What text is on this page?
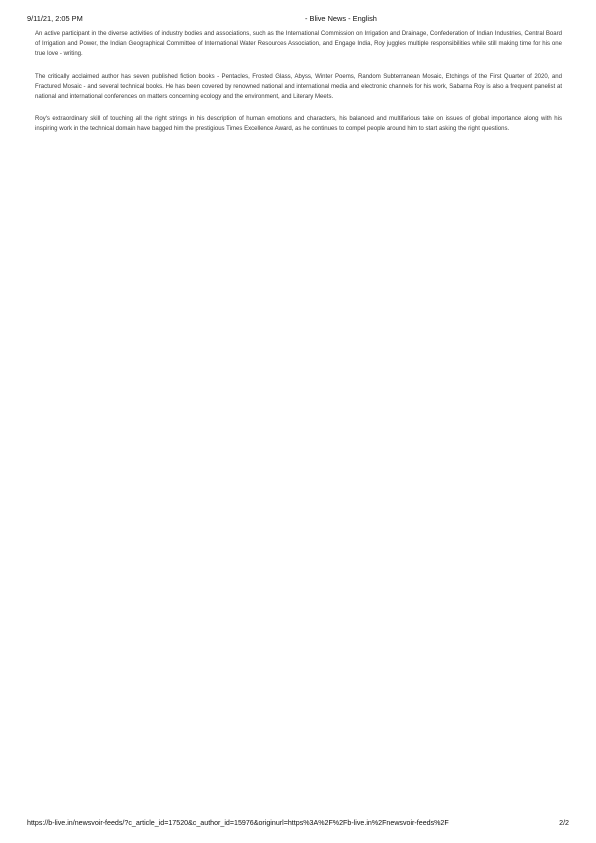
9/11/21, 2:05 PM	- Blive News - English

An active participant in the diverse activities of industry bodies and associations, such as the International Commission on Irrigation and Drainage, Confederation of Indian Industries, Central Board of Irrigation and Power, the Indian Geographical Committee of International Water Resources Association, and Engage India, Roy juggles multiple responsibilities while still making time for his one true love - writing.

The critically acclaimed author has seven published fiction books - Pentacles, Frosted Glass, Abyss, Winter Poems, Random Subterranean Mosaic, Etchings of the First Quarter of 2020, and Fractured Mosaic - and several technical books. He has been covered by renowned national and international media and electronic channels for his work, Sabarna Roy is also a frequent panelist at national and international conferences on matters concerning ecology and the environment, and Literary Meets.

Roy's extraordinary skill of touching all the right strings in his description of human emotions and characters, his balanced and multifarious take on issues of global importance along with his inspiring work in the technical domain have bagged him the prestigious Times Excellence Award, as he continues to compel people around him to start asking the right questions.

https://b-live.in/newsvoir-feeds/?c_article_id=17520&c_author_id=15976&originurl=https%3A%2F%2Fb-live.in%2Fnewsvoir-feeds%2F	2/2
